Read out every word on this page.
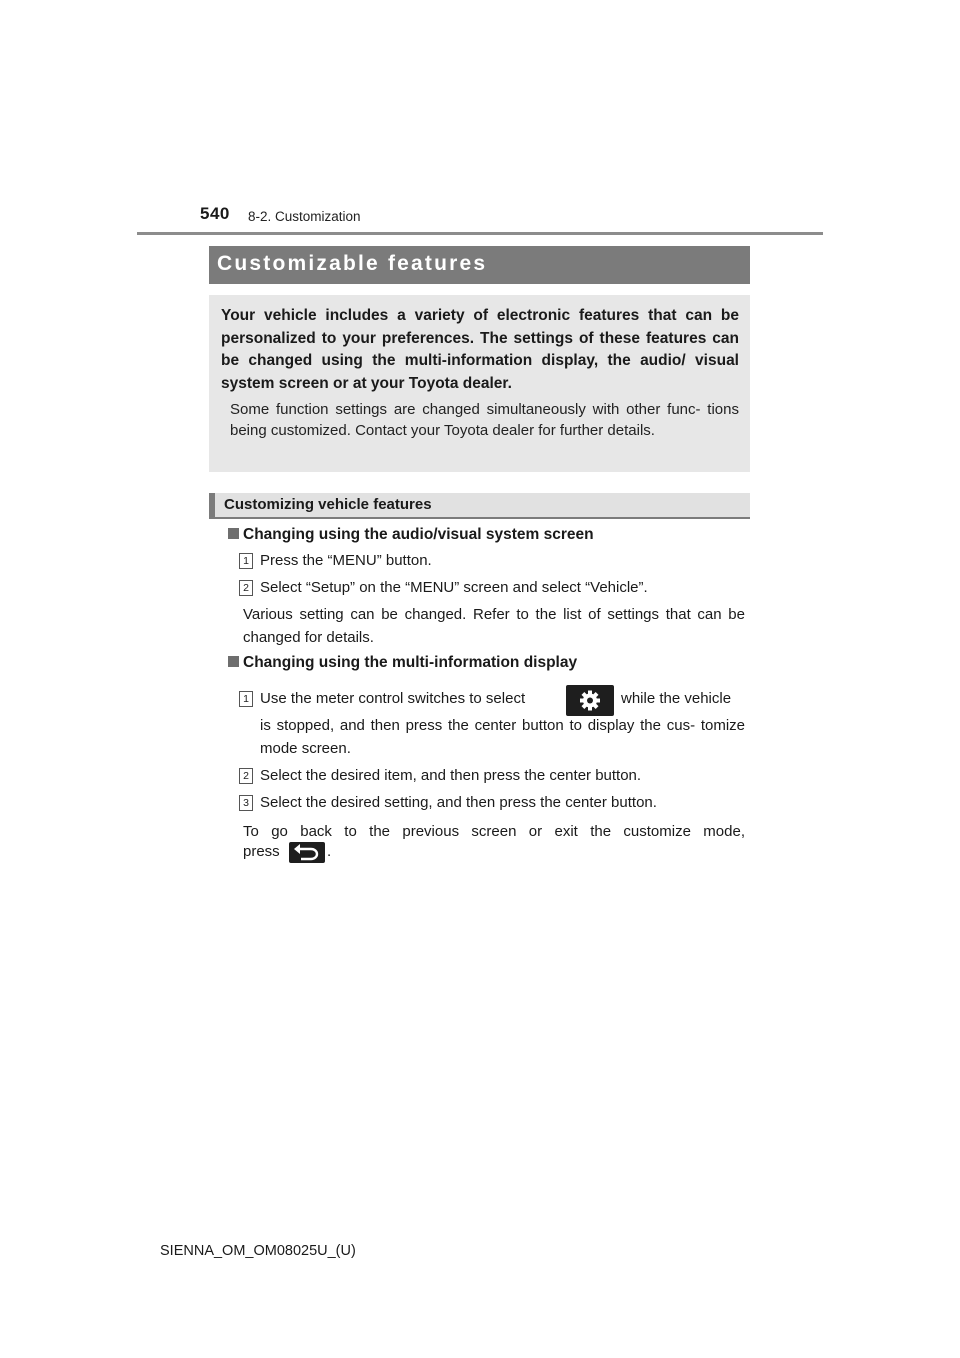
540 8-2. Customization
Customizable features
Your vehicle includes a variety of electronic features that can be personalized to your preferences. The settings of these features can be changed using the multi-information display, the audio/ visual system screen or at your Toyota dealer.
Some function settings are changed simultaneously with other func- tions being customized. Contact your Toyota dealer for further details.
Customizing vehicle features
Changing using the audio/visual system screen
1 Press the “MENU” button.
2 Select “Setup” on the “MENU” screen and select “Vehicle”.
Various setting can be changed. Refer to the list of settings that can be changed for details.
Changing using the multi-information display
1 Use the meter control switches to select	while the vehicle
is stopped, and then press the center button to display the cus- tomize mode screen.
2 Select the desired item, and then press the center button.
3 Select the desired setting, and then press the center button.
To go back to the previous screen or exit the customize mode,
press	.
SIENNA_OM_OM08025U_(U)
